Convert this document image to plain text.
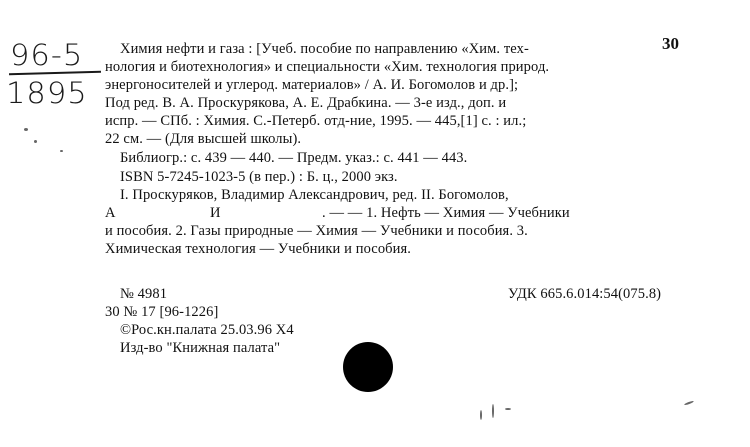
96-5
1895
30
Химия нефти и газа : [Учеб. пособие по направлению «Хим. тех-
нология и биотехнология» и специальности «Хим. технология природ.
энергоносителей и углерод. материалов» / А. И. Богомолов и др.];
Под ред. В. А. Проскурякова, А. Е. Драбкина. — 3-е изд., доп. и
испр. — СПб. : Химия. С.-Петерб. отд-ние, 1995. — 445,[1] с. : ил.;
22 см. — (Для высшей школы).
Библиогр.: с. 439 — 440. — Предм. указ.: с. 441 — 443.
ISBN 5-7245-1023-5 (в пер.) : Б. ц., 2000 экз.
I. Проскуряков, Владимир Александрович, ред. II. Богомолов,
А	И	. — — 1. Нефть — Химия — Учебники
и пособия. 2. Газы природные — Химия — Учебники и пособия. 3.
Химическая технология — Учебники и пособия.
№ 4981	УДК 665.6.014:54(075.8)
30 № 17 [96-1226]
©Рос.кн.палата 25.03.96 Х4
Изд-во "Книжная палата"
